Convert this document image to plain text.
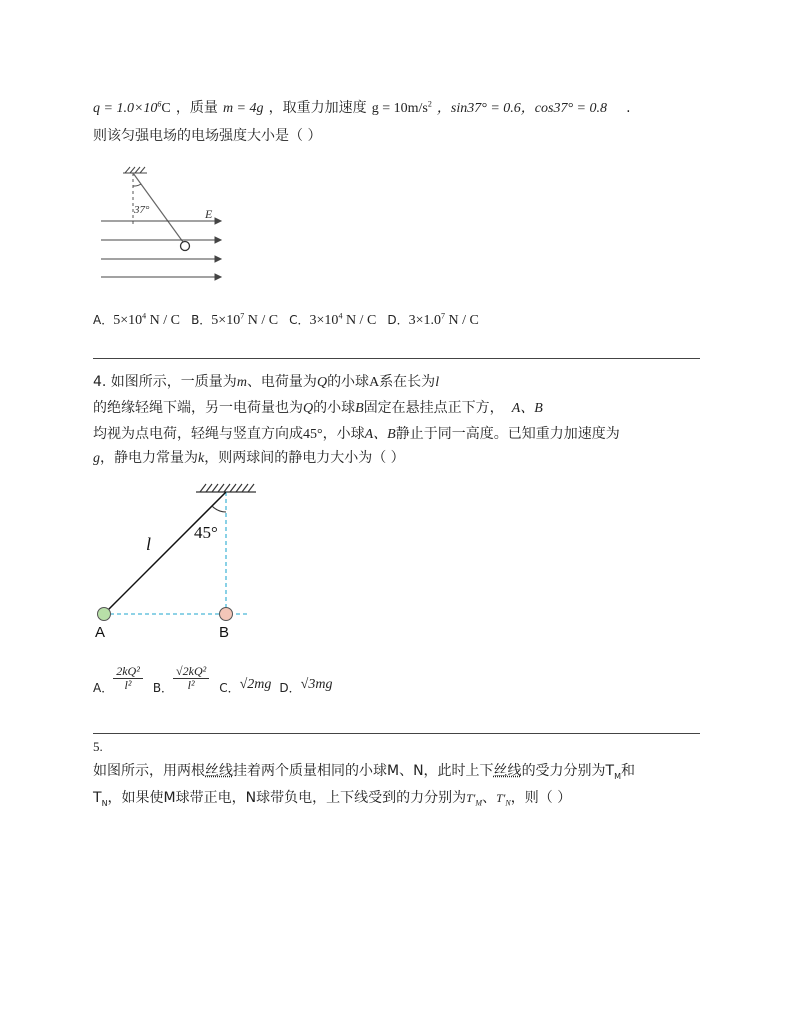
$q = 1.0\times 10^6C$ ，质量 m = 4g ，取重力加速度 $g = 10m/s^2$ ，sin37° = 0.6，cos37° = 0.8 .
则该匀强电场的电场强度大小是（ ）
37°	E
A．$5\times 10^4$ N / C B．$5\times 10^7$ N / C C．$3\times 10^4$ N / C D．$3\times 1.0^7$ N / C
4. 如图所示，一质量为m、电荷量为Q的小球A系在长为l
的绝缘轻绳下端，另一电荷量也为Q的小球B固定在悬挂点正下方， A、B
均视为点电荷，轻绳与竖直方向成45°，小球A、B静止于同一高度。已知重力加速度为
g，静电力常量为k，则两球间的静电力大小为（ ）
45°
l
A	B
A． $\frac{\text{2kQ²}}{\text{l²}}$ B． $\frac{\text{√2kQ²}}{\text{l²}}$ C． √2mg D． √3mg
5.
如图所示，用两根丝线挂着两个质量相同的小球M、N，此时上下丝线的受力分别为$T_M$和
$T_N$，如果使M球带正电，N球带负电，上下线受到的力分别为$T'_M$、$T'_N$，则（ ）
